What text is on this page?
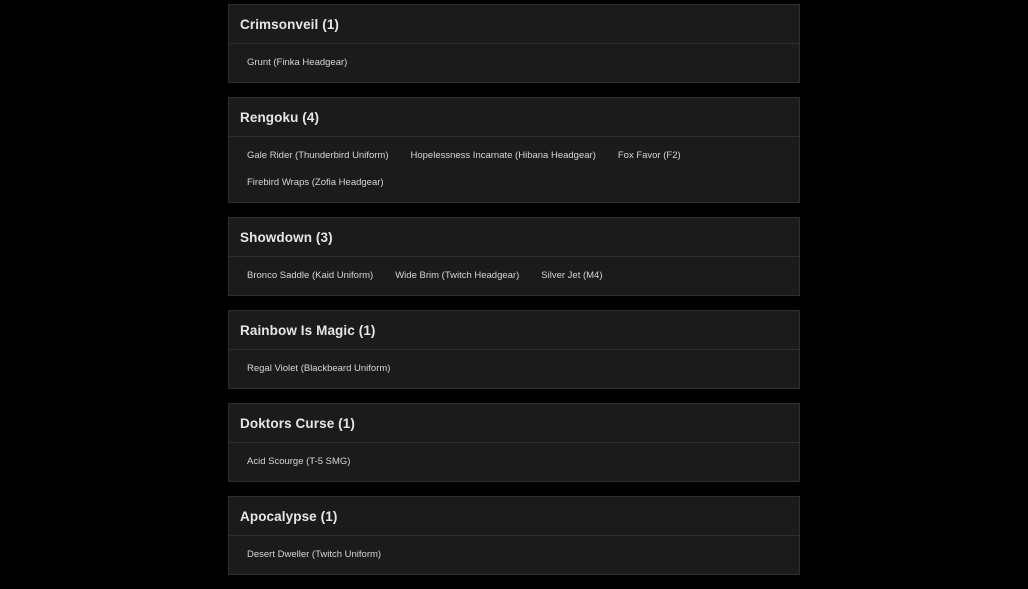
Crimsonveil (1)
Grunt (Finka Headgear)
Rengoku (4)
Gale Rider (Thunderbird Uniform)	Hopelessness Incarnate (Hibana Headgear)	Fox Favor (F2)
Firebird Wraps (Zofia Headgear)
Showdown (3)
Bronco Saddle (Kaid Uniform)	Wide Brim (Twitch Headgear)	Silver Jet (M4)
Rainbow Is Magic (1)
Regal Violet (Blackbeard Uniform)
Doktors Curse (1)
Acid Scourge (T-5 SMG)
Apocalypse (1)
Desert Dweller (Twitch Uniform)
